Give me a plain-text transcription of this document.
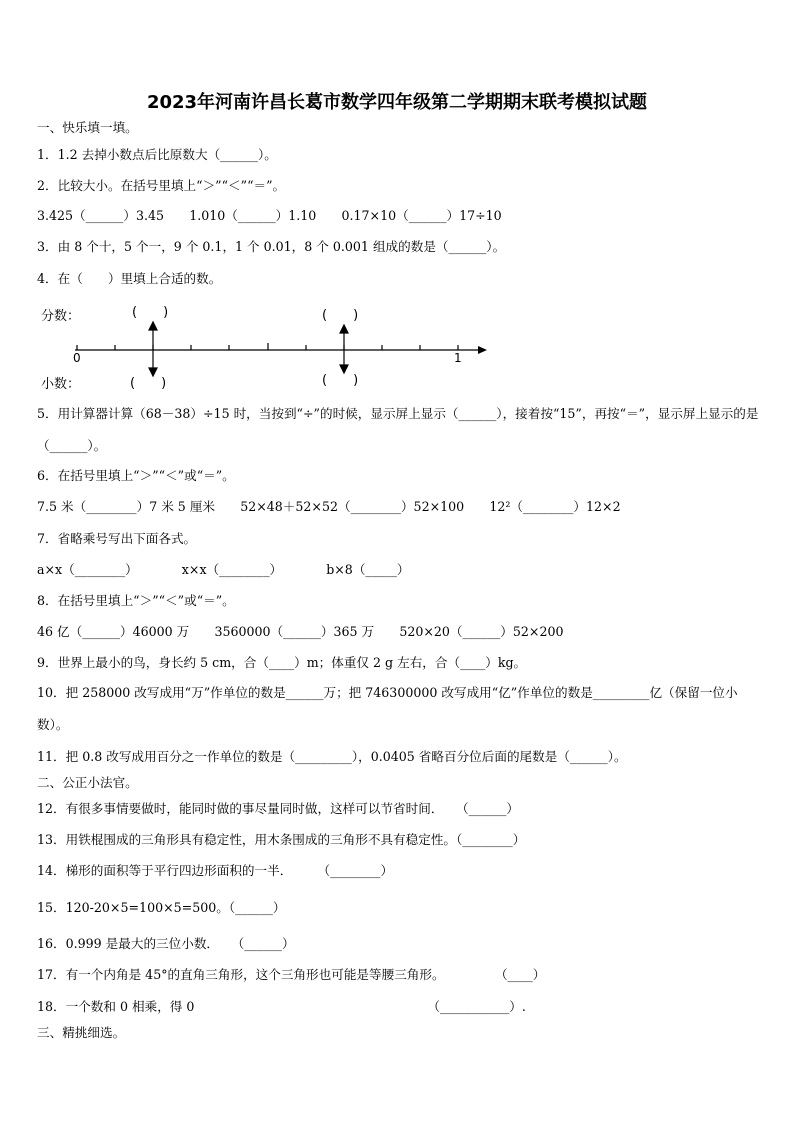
2023年河南许昌长葛市数学四年级第二学期期末联考模拟试题
一、快乐填一填。
1．1.2 去掉小数点后比原数大（______）。
2．比较大小。在括号里填上“＞”“＜”“＝”。
3.425（______）3.45　　1.010（______）1.10　　0.17×10（______）17÷10
3．由 8 个十，5 个一，9 个 0.1，1 个 0.01，8 个 0.001 组成的数是（______）。
4．在（　　）里填上合适的数。
分数：
小数：
(　　)	(　　)
(　　)	(　　)
0	1
5．用计算器计算（68－38）÷15 时，当按到“÷”的时候，显示屏上显示（______），接着按“15”，再按“＝”，显示屏上显示的是（______）。
6．在括号里填上“＞”“＜”或“＝”。
7.5 米（________）7 米 5 厘米　　52×48＋52×52（________）52×100　　12²（________）12×2
7．省略乘号写出下面各式。
a×x（________）　　　　x×x（________）　　　　b×8（_____）
8．在括号里填上“＞”“＜”或“＝”。
46 亿（______）46000 万　　3560000（______）365 万　　520×20（______）52×200
9．世界上最小的鸟，身长约 5 cm，合（____）m；体重仅 2 g 左右，合（____）kg。
10．把 258000 改写成用“万”作单位的数是______万；把 746300000 改写成用“亿”作单位的数是_________亿（保留一位小数）。
11．把 0.8 改写成用百分之一作单位的数是（_________），0.0405 省略百分位后面的尾数是（______）。
二、公正小法官。
12．有很多事情要做时，能同时做的事尽量同时做，这样可以节省时间．　　（______）
13．用铁棍围成的三角形具有稳定性，用木条围成的三角形不具有稳定性。（________）
14．梯形的面积等于平行四边形面积的一半．　　　（________）
15．120-20×5=100×5=500。（______）
16．0.999 是最大的三位小数．　　（______）
17．有一个内角是 45°的直角三角形，这个三角形也可能是等腰三角形。　　　　　（____）
18．一个数和 0 相乘，得 0　　　　　　　　　　　　　　　　　　　（___________）.
三、精挑细选。
